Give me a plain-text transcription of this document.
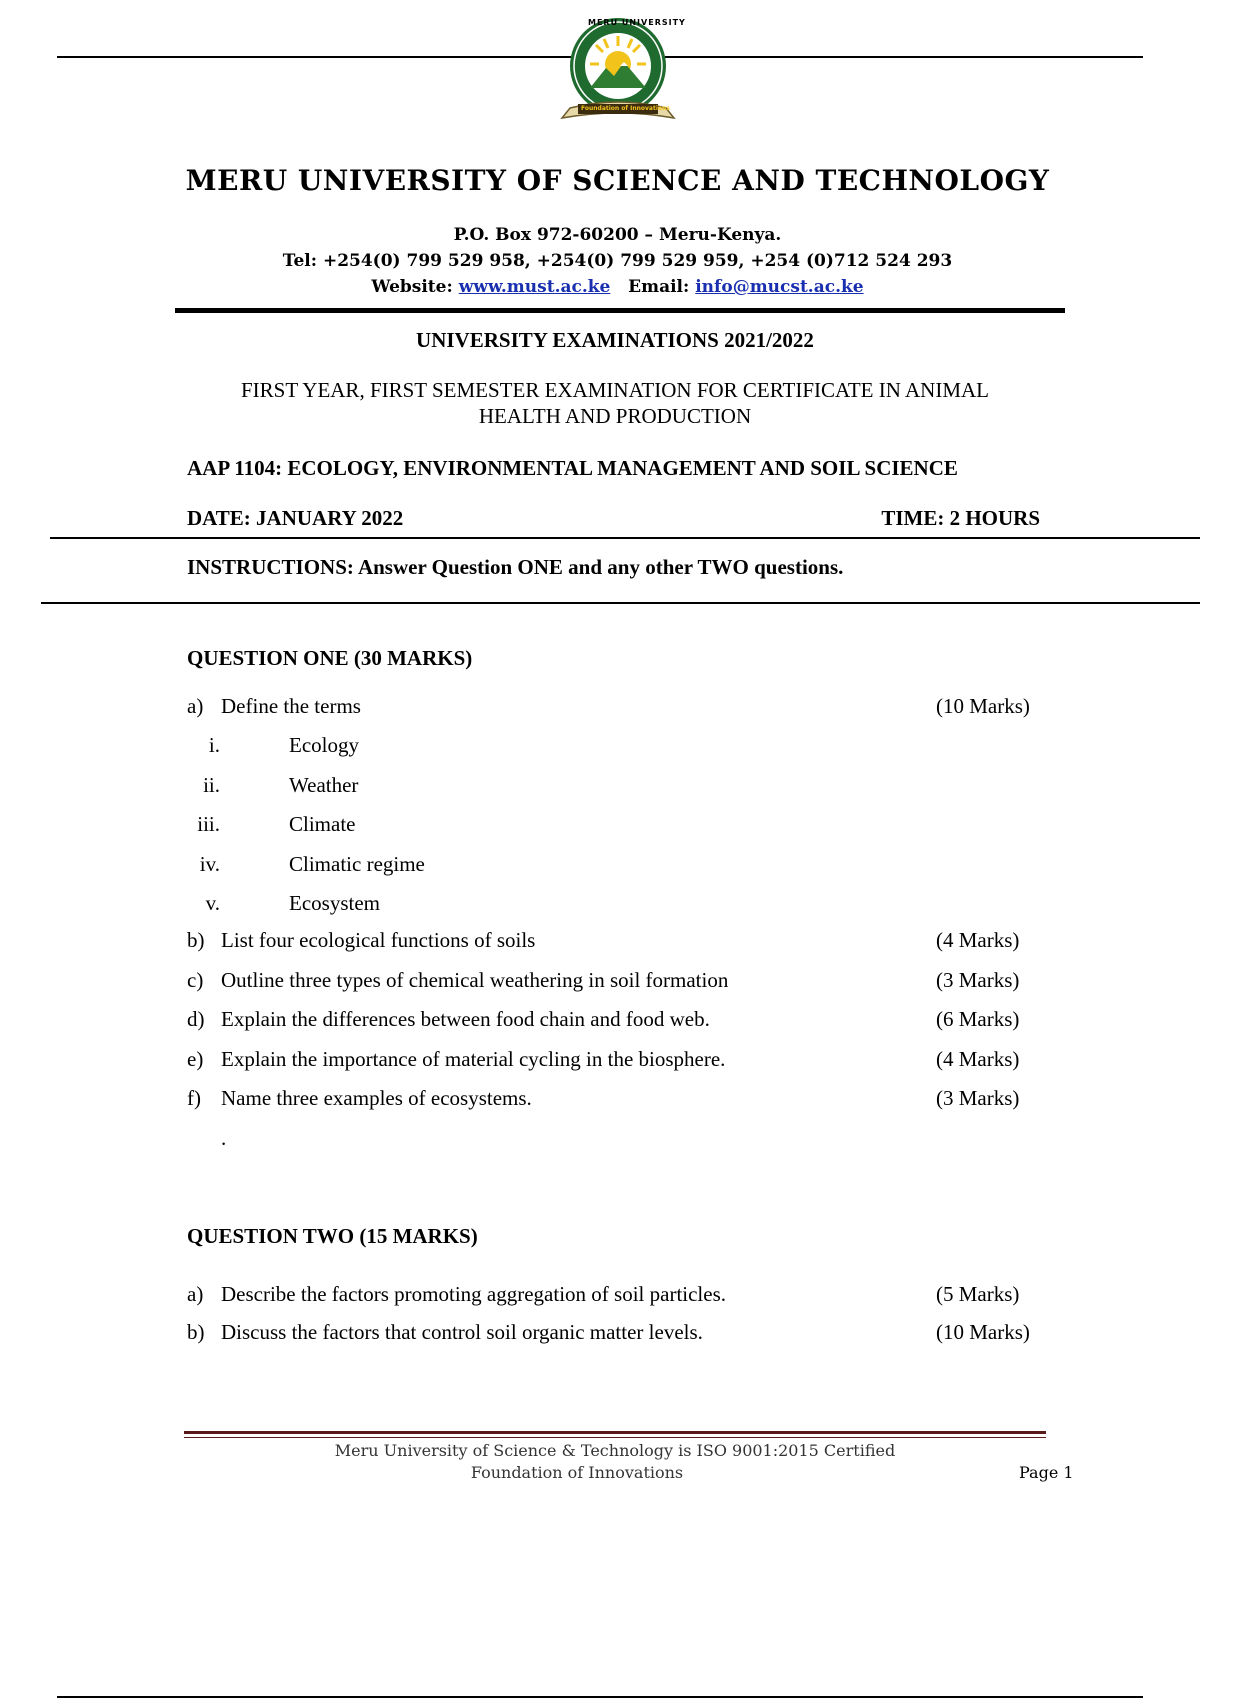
MERU UNIVERSITY
Foundation of Innovations
MERU UNIVERSITY OF SCIENCE AND TECHNOLOGY
P.O. Box 972-60200 – Meru-Kenya.
Tel: +254(0) 799 529 958, +254(0) 799 529 959, +254 (0)712 524 293
Website: www.must.ac.ke Email: info@mucst.ac.ke
UNIVERSITY EXAMINATIONS 2021/2022
FIRST YEAR, FIRST SEMESTER EXAMINATION FOR CERTIFICATE IN ANIMAL
HEALTH AND PRODUCTION
AAP 1104: ECOLOGY, ENVIRONMENTAL MANAGEMENT AND SOIL SCIENCE
DATE: JANUARY 2022	TIME: 2 HOURS
INSTRUCTIONS: Answer Question ONE and any other TWO questions.
QUESTION ONE (30 MARKS)
a) Define the terms	(10 Marks)
i.	Ecology
ii.	Weather
iii.	Climate
iv.	Climatic regime
v.	Ecosystem
b) List four ecological functions of soils	(4 Marks)
c) Outline three types of chemical weathering in soil formation	(3 Marks)
d) Explain the differences between food chain and food web.	(6 Marks)
e) Explain the importance of material cycling in the biosphere.	(4 Marks)
f) Name three examples of ecosystems.	(3 Marks)
.
QUESTION TWO (15 MARKS)
a) Describe the factors promoting aggregation of soil particles.	(5 Marks)
b) Discuss the factors that control soil organic matter levels.	(10 Marks)
Meru University of Science & Technology is ISO 9001:2015 Certified
Foundation of Innovations	Page 1
